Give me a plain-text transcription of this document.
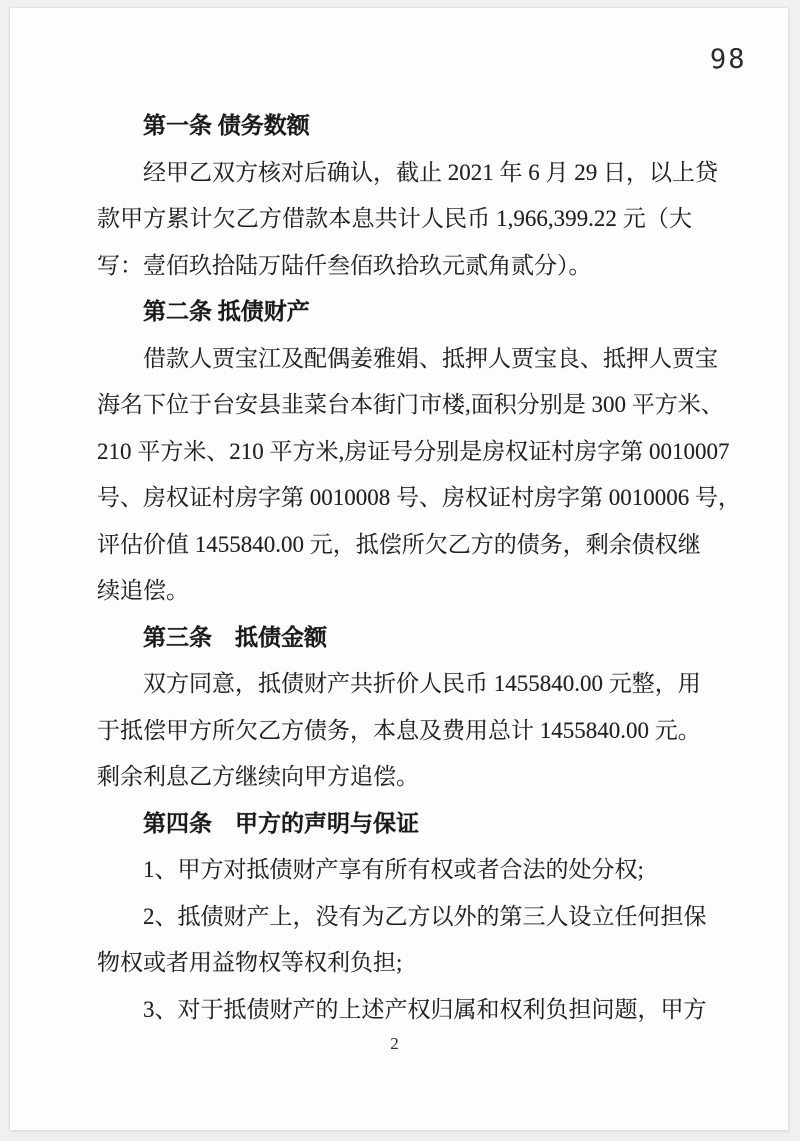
98
第一条 债务数额
经甲乙双方核对后确认，截止 2021 年 6 月 29 日，以上贷
款甲方累计欠乙方借款本息共计人民币 1,966,399.22 元（大
写：壹佰玖拾陆万陆仟叁佰玖拾玖元贰角贰分）。
第二条 抵债财产
借款人贾宝江及配偶姜雅娟、抵押人贾宝良、抵押人贾宝
海名下位于台安县韭菜台本街门市楼,面积分别是 300 平方米、
210 平方米、210 平方米,房证号分别是房权证村房字第 0010007
号、房权证村房字第 0010008 号、房权证村房字第 0010006 号，
评估价值 1455840.00 元，抵偿所欠乙方的债务，剩余债权继
续追偿。
第三条　抵债金额
双方同意，抵债财产共折价人民币 1455840.00 元整，用
于抵偿甲方所欠乙方债务，本息及费用总计 1455840.00 元。
剩余利息乙方继续向甲方追偿。
第四条　甲方的声明与保证
1、甲方对抵债财产享有所有权或者合法的处分权;
2、抵债财产上，没有为乙方以外的第三人设立任何担保
物权或者用益物权等权利负担;
3、对于抵债财产的上述产权归属和权利负担问题，甲方
2
